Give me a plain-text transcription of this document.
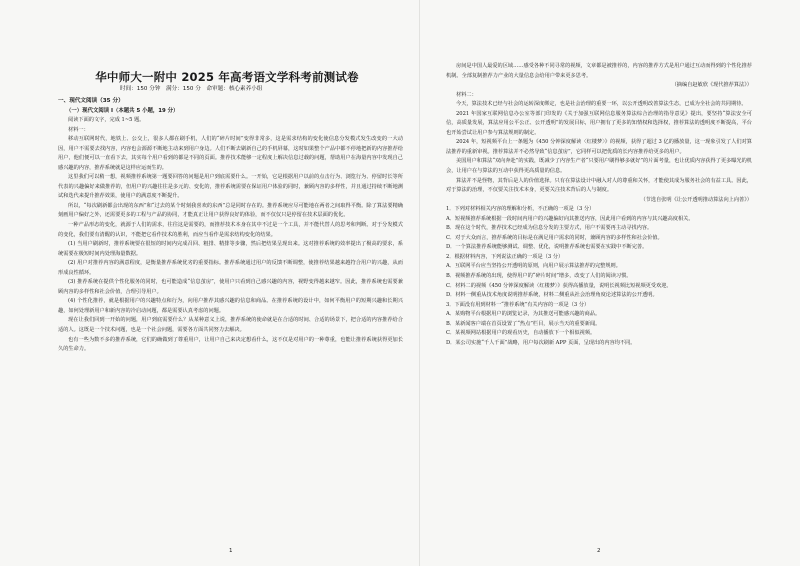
华中师大一附中 2025 年高考语文学科考前测试卷
时间：150 分钟　满分：150 分　命审题：核心素养小组
一、现代文阅读（35 分）
（一）现代文阅读 I（本题共 5 小题，19 分）
阅读下面的文字，完成 1~5 题。
材料一：
移动互联网时代，地铁上、公交上，很多人都在刷手机，人们的“碎片时间”变得非常多，这是需求结构的变化使信息分发模式发生改变的一大动因，用户不需要去找内容，内容也会源源不断地主动来到用户身边。人们不断去刷新自己的手机屏幕，这时如果整个产品中都不停地把新的内容推荐给用户，他们便可以一直看下去，其实每个用户看到的都是不同的页面。推荐技术能够一定程度上解决信息过载的问题，帮助用户在海量内容中发现自己感兴趣的内容，推荐系统就是这样应运而生的。
这里我们可以稍一想，视频推荐系统第一题要回答的问题是用户到底需要什么。一开始，它是根据用户以前的点击行为、浏览行为、停留时长等所代表的兴趣偏好来做推荐的，但用户的兴趣往往是多元的、变化的，推荐系统需要在保证用户体验的同时，兼顾内容的多样性，并且通过持续不断地测试和迭代来提升推荐效果，使用户的满意度不断提升。
所以，“每次刷新都会出现的东西”和“过去的某个时刻我喜欢的东西”总是同时存在的。推荐系统应尽可能地在两者之间取得平衡。除了算法要精确刻画用户偏好之外，还需要更多的工程与产品的协同，才能真正让用户获得良好的体验，而不仅仅只是停留在技术层面的优化。
一种产品形态的变化，就源于人们的需求，往往这是需要的，而推荐技术本身在其中不过是一个工具，并不能代替人的思考和判断。对于分发模式的变化，我们要有清醒的认识，不能把它看作技术的胜利，而应当看作是需求结构变化的结果。
(1) 当用户刷新时，推荐系统要在很短的时间内完成召回、粗排、精排等步骤，然后把结果呈现出来。这对推荐系统的效率提出了极高的要求，系统需要在极短时间内处理海量数据。
(2) 用户对推荐内容的满意程度，是衡量推荐系统优劣的重要指标。推荐系统通过用户的反馈不断调整，使推荐结果越来越符合用户的兴趣，从而形成良性循环。
(3) 推荐系统在提供个性化服务的同时，也可能造成“信息茧房”，使用户只看到自己感兴趣的内容，视野变得越来越窄。因此，推荐系统也需要兼顾内容的多样性和社会价值，合理引导用户。
(4) 个性化推荐，就是根据用户的兴趣特点和行为，向用户推荐其感兴趣的信息和商品。在推荐系统的设计中，如何平衡用户的短期兴趣和长期兴趣，如何处理新用户和新内容的冷启动问题，都是需要认真考虑的问题。
现在让我们回到一开始的问题，用户到底需要什么？从某种意义上说，推荐系统的使命就是在合适的时间、合适的场景下，把合适的内容推荐给合适的人。这既是一个技术问题，也是一个社会问题，需要各方面共同努力去解决。
也有一些为数不多的推荐系统，它们的确做到了尊重用户，让用户自己来决定想看什么，这不仅是对用户的一种尊重，也能让推荐系统获得更加长久的生命力。
房间是中国人最爱的区域……感受各种不同寻常的视频，文章都是被推荐的，内容的推荐方式是用户通过互动而得到的个性化推荐机制。全部复制推荐力产业的大量信息会给用户带来更多思考。
（摘编自赵敏欣《现代推荐算法》）
材料二：
今天，算法技术已经与社会的运转深度绑定，也是社会治理的重要一环，以公开透明改善算法生态，已成为全社会的共同期待。
2021 年国家互联网信息办公室等部门印发的《关于加强互联网信息服务算法综合治理的指导意见》提出，要坚持“算法安全可信，高质量发展，算法应用公平公正、公开透明”的发展目标，用户拥有了更多的知情权和选择权，推荐算法的透明度不断提高，平台也开始尝试让用户参与算法规则的制定。
2024 年，短视频平台上一条题为《450 分钟深度解读〈红楼梦〉》的视频，获得了超过 3 亿的播放量，这一现象引发了人们对算法推荐的重新审视。推荐算法并不必然导致“信息茧房”，它同样可以把优质的长内容推荐给更多的用户。
美国用户和算法“双向奔赴”的实践，既减少了内容生产者“只要用户刷得够多就好”的片面考量，也让优质内容获得了更多曝光的机会，让用户在与算法的互动中获得更高质量的信息。
算法并不是怪物，其背后是人的价值选择。只有在算法设计中融入对人的尊重和关怀，才能使其成为服务社会的有益工具。因此，对于算法的治理，不仅要关注技术本身，更要关注技术背后的人与制度。
（节选自张明《让公开透明推动算法向上向善》）
1．下列对材料相关内容的理解和分析，不正确的一项是（3 分）
A．短视频推荐系统根据一段时间内用户的兴趣偏好向其推送内容，因此用户看到的内容与其兴趣高度相关。
B．现在这个时代，推荐技术已经成为信息分发的主要方式，用户不需要再主动寻找内容。
C．对于大众而言，推荐系统的目标是在满足用户需求的同时，兼顾内容的多样性和社会价值。
D．一个算法推荐系统能够测试、调整、优化，说明推荐系统也需要在实践中不断完善。
2．根据材料内容，下列说法正确的一项是（3 分）
A．互联网平台应当坚持公开透明的原则，向用户展示算法推荐的完整规则。
B．视频推荐系统的出现，使得用户的“碎片时间”增多，改变了人们的阅读习惯。
C．材料二的视频《450 分钟深度解读〈红楼梦〉》获得高播放量，说明长视频比短视频更受欢迎。
D．材料一侧重从技术角度说明推荐系统，材料二侧重从社会治理角度论述算法的公开透明。
3．下面没有用到材料一“推荐系统”有关内容的一项是（3 分）
A．某购物平台根据用户的浏览记录，为其推送可能感兴趣的商品。
B．某新闻客户端在首页设置了“热点”栏目，展示当天的重要新闻。
C．某视频网站根据用户的观看历史，自动播放下一个相似视频。
D．某公司实施“千人千面”战略，用户每次刷新 APP 页面，呈现出的内容均不同。
1	2
